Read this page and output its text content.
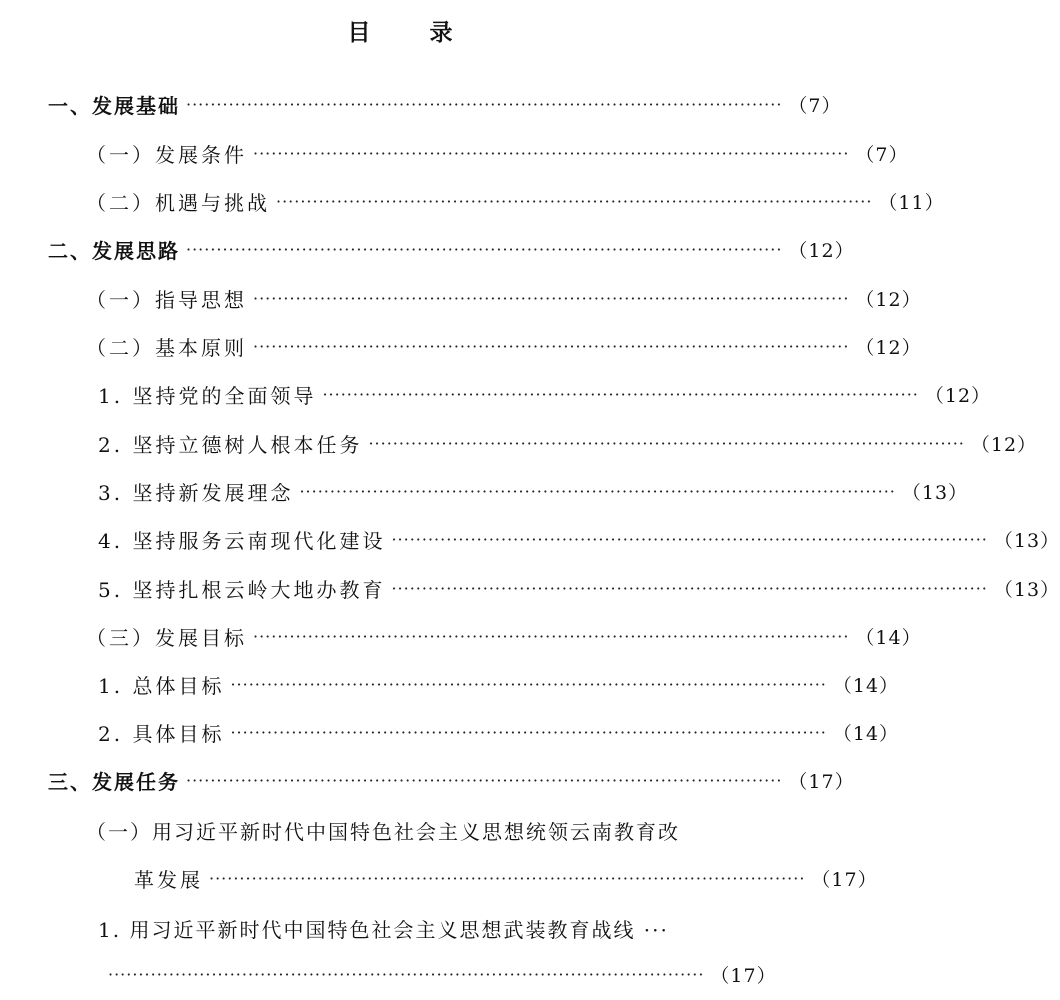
目　录
一、发展基础 ·································································································· （7）
（一）发展条件 ·································································································· （7）
（二）机遇与挑战 ·································································································· （11）
二、发展思路 ·································································································· （12）
（一）指导思想 ·································································································· （12）
（二）基本原则 ·································································································· （12）
1. 坚持党的全面领导 ·································································································· （12）
2. 坚持立德树人根本任务 ·································································································· （12）
3. 坚持新发展理念 ·································································································· （13）
4. 坚持服务云南现代化建设 ·································································································· （13）
5. 坚持扎根云岭大地办教育 ·································································································· （13）
（三）发展目标 ·································································································· （14）
1. 总体目标 ·································································································· （14）
2. 具体目标 ·································································································· （14）
三、发展任务 ·································································································· （17）
（一）用习近平新时代中国特色社会主义思想统领云南教育改
革发展 ·································································································· （17）
1. 用习近平新时代中国特色社会主义思想武装教育战线 ···
·································································································· （17）
